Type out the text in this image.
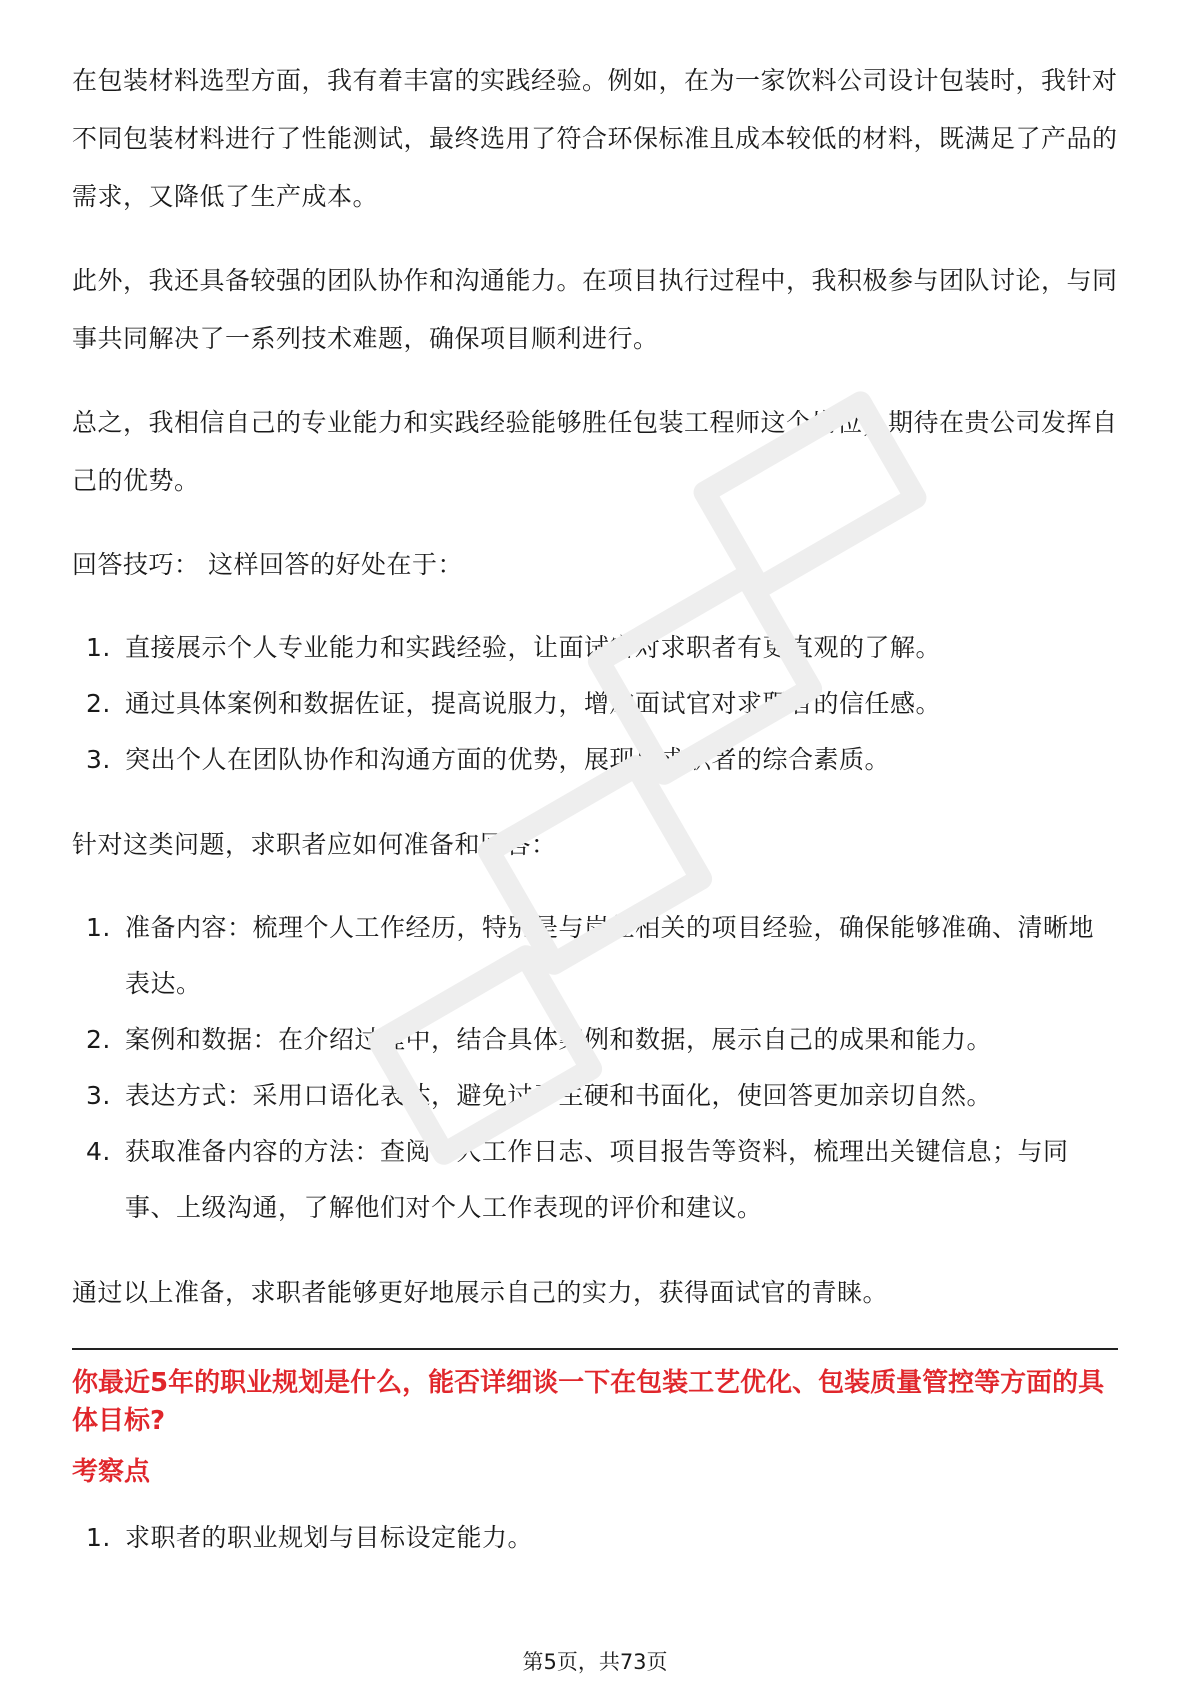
在包装材料选型方面，我有着丰富的实践经验。例如，在为一家饮料公司设计包装时，我针对不同包装材料进行了性能测试，最终选用了符合环保标准且成本较低的材料，既满足了产品的需求，又降低了生产成本。

此外，我还具备较强的团队协作和沟通能力。在项目执行过程中，我积极参与团队讨论，与同事共同解决了一系列技术难题，确保项目顺利进行。

总之，我相信自己的专业能力和实践经验能够胜任包装工程师这个岗位，期待在贵公司发挥自己的优势。

回答技巧： 这样回答的好处在于：

1. 直接展示个人专业能力和实践经验，让面试官对求职者有更直观的了解。
2. 通过具体案例和数据佐证，提高说服力，增加面试官对求职者的信任感。
3. 突出个人在团队协作和沟通方面的优势，展现出求职者的综合素质。

针对这类问题，求职者应如何准备和回答：

1. 准备内容：梳理个人工作经历，特别是与岗位相关的项目经验，确保能够准确、清晰地表达。
2. 案例和数据：在介绍过程中，结合具体案例和数据，展示自己的成果和能力。
3. 表达方式：采用口语化表达，避免过于生硬和书面化，使回答更加亲切自然。
4. 获取准备内容的方法：查阅个人工作日志、项目报告等资料，梳理出关键信息；与同事、上级沟通，了解他们对个人工作表现的评价和建议。

通过以上准备，求职者能够更好地展示自己的实力，获得面试官的青睐。

你最近5年的职业规划是什么，能否详细谈一下在包装工艺优化、包装质量管控等方面的具体目标?
考察点
1. 求职者的职业规划与目标设定能力。
第5页，共73页
